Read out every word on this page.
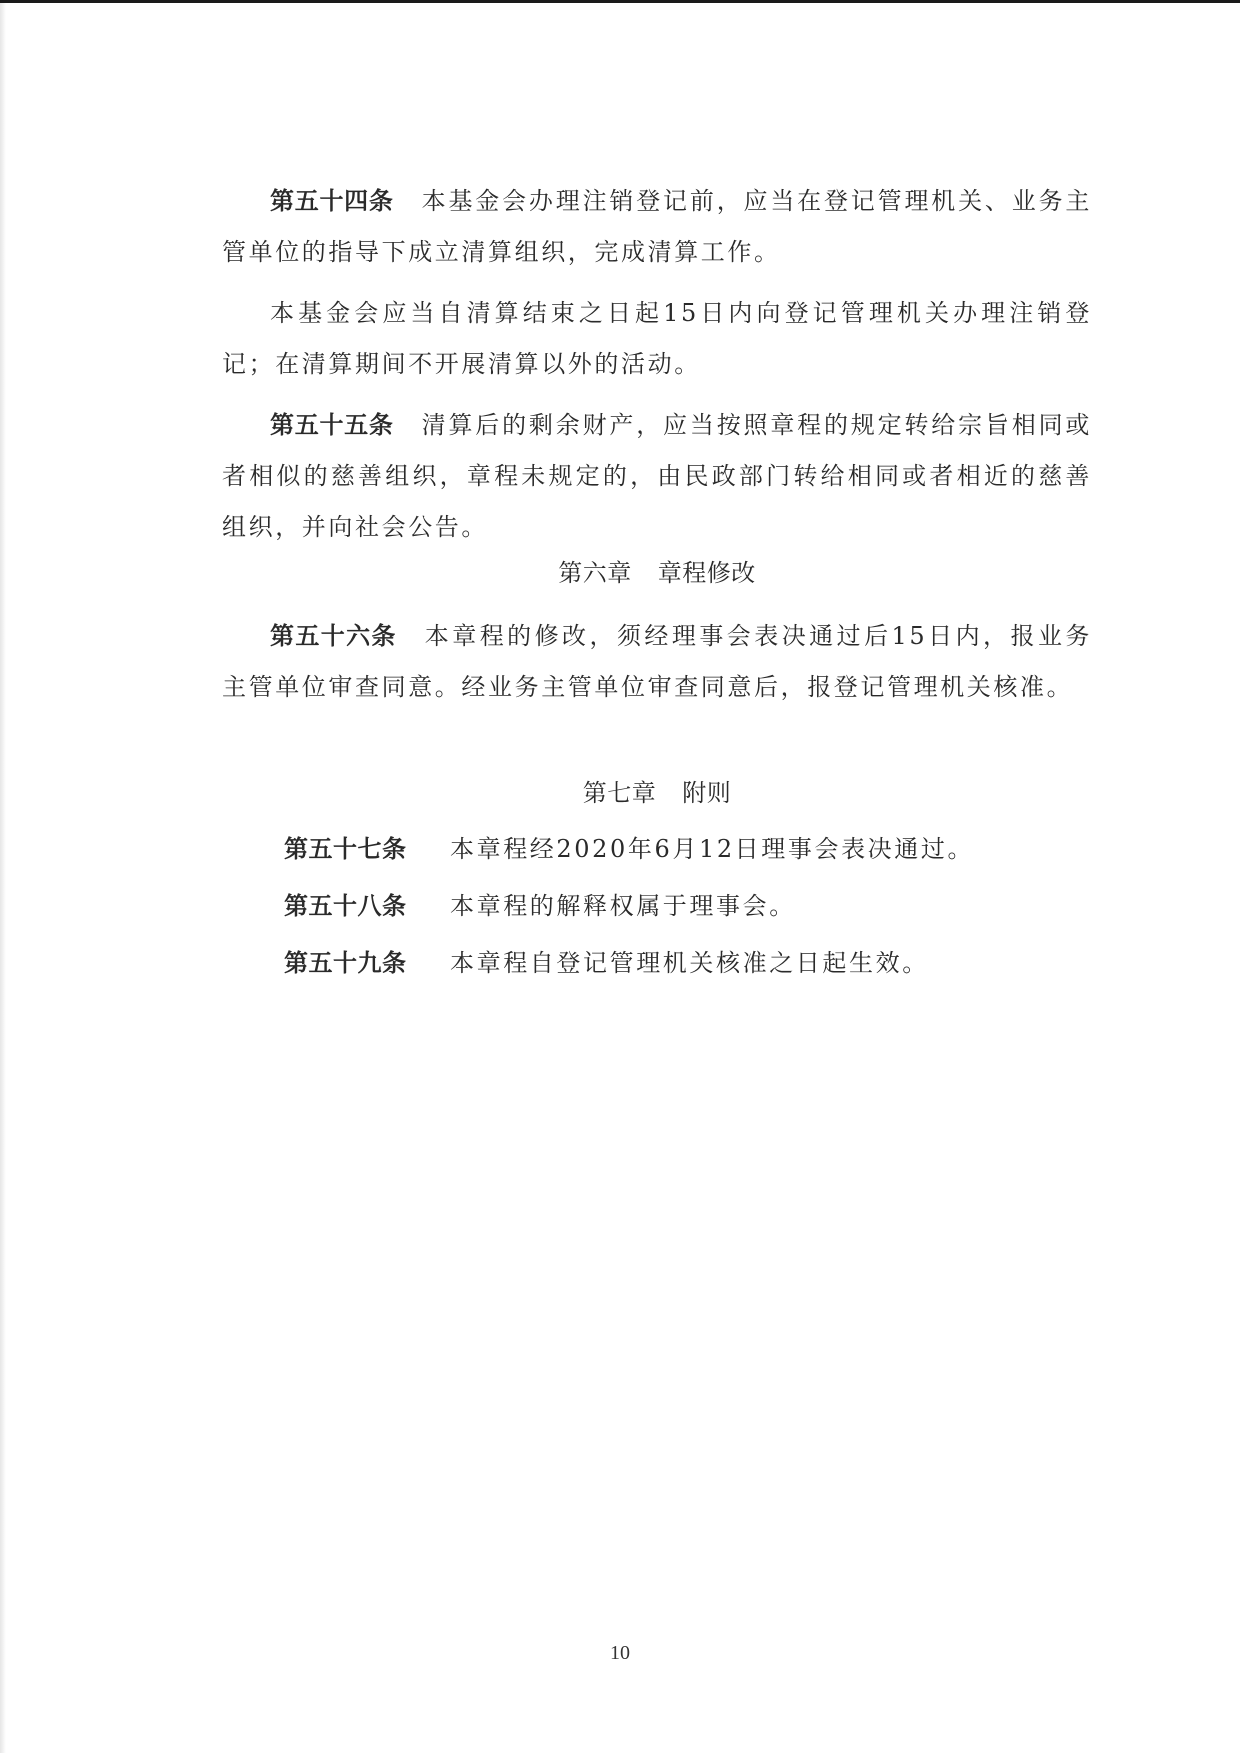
第五十四条 本基金会办理注销登记前，应当在登记管理机关、业务主管单位的指导下成立清算组织，完成清算工作。

本基金会应当自清算结束之日起15日内向登记管理机关办理注销登记；在清算期间不开展清算以外的活动。

第五十五条 清算后的剩余财产，应当按照章程的规定转给宗旨相同或者相似的慈善组织，章程未规定的，由民政部门转给相同或者相近的慈善组织，并向社会公告。

第六章 章程修改

第五十六条 本章程的修改，须经理事会表决通过后15日内，报业务主管单位审查同意。经业务主管单位审查同意后，报登记管理机关核准。

第七章 附则

第五十七条	本章程经2020年6月12日理事会表决通过。

第五十八条	本章程的解释权属于理事会。

第五十九条	本章程自登记管理机关核准之日起生效。

10
